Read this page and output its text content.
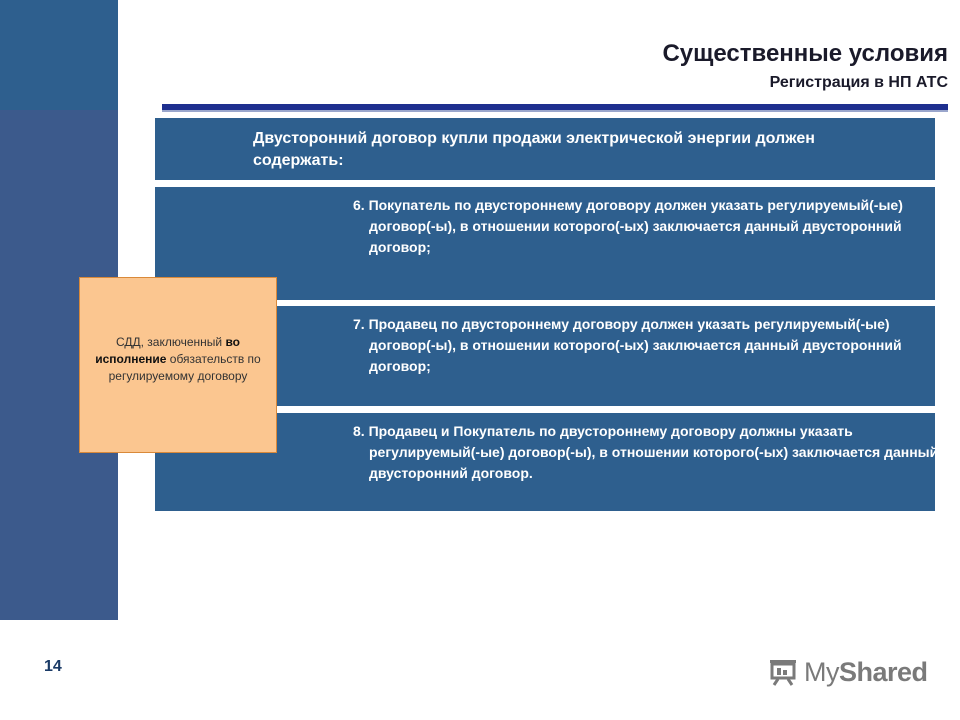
14
Существенные условия
Регистрация в НП АТС
Двусторонний договор купли продажи электрической энергии должен содержать:
6. Покупатель по двустороннему договору должен указать регулируемый(-ые) договор(-ы), в отношении которого(-ых) заключается данный двусторонний договор;
7. Продавец по двустороннему договору должен указать регулируемый(-ые) договор(-ы), в отношении которого(-ых) заключается данный двусторонний договор;
8. Продавец и Покупатель по двустороннему договору должны указать регулируемый(-ые) договор(-ы), в отношении которого(-ых) заключается данный двусторонний договор.
СДД, заключенный во исполнение обязательств по регулируемому договору
MyShared
